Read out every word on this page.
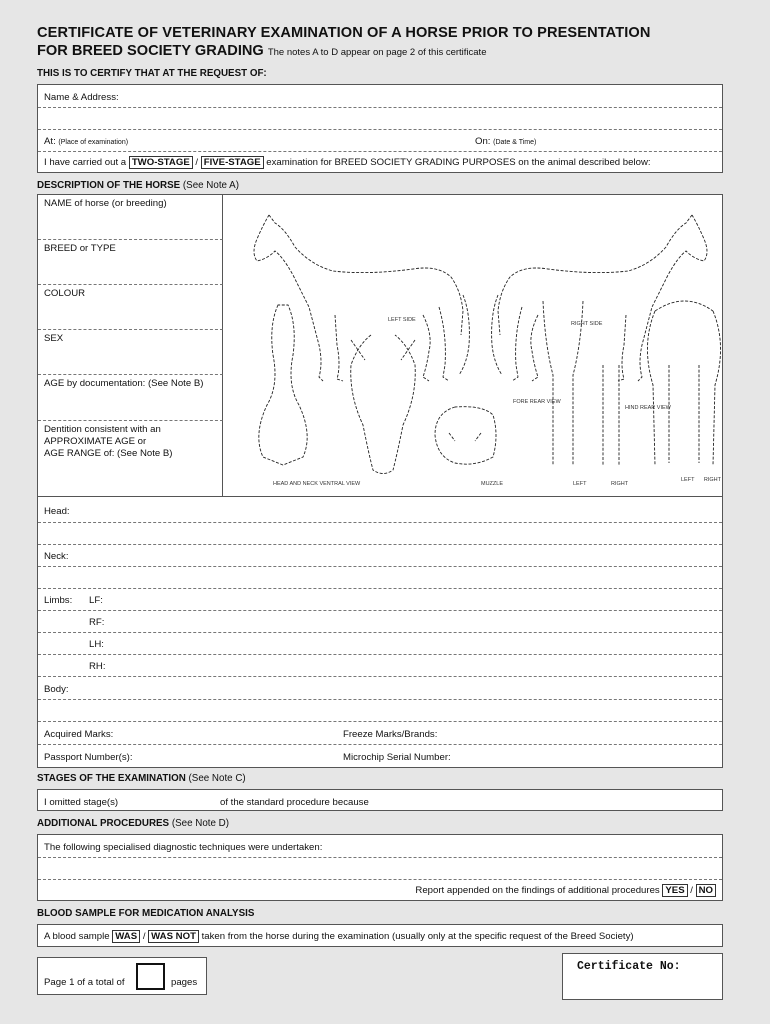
CERTIFICATE OF VETERINARY EXAMINATION OF A HORSE PRIOR TO PRESENTATION
FOR BREED SOCIETY GRADING The notes A to D appear on page 2 of this certificate
THIS IS TO CERTIFY THAT AT THE REQUEST OF:
Name & Address:
At: (Place of examination)	On: (Date & Time)
I have carried out a TWO-STAGE / FIVE-STAGE examination for BREED SOCIETY GRADING PURPOSES on the animal described below:
DESCRIPTION OF THE HORSE (See Note A)
NAME of horse (or breeding)
BREED or TYPE
COLOUR
SEX
AGE by documentation: (See Note B)
Dentition consistent with an
APPROXIMATE AGE or
AGE RANGE of: (See Note B)
LEFT SIDE
RIGHT SIDE
FORE REAR VIEW
HIND REAR VIEW
HEAD AND NECK VENTRAL VIEW	MUZZLE	LEFT	RIGHT
LEFT RIGHT
Head:
Neck:
Limbs: LF:
RF:
LH:
RH:
Body:
Acquired Marks:	Freeze Marks/Brands:
Passport Number(s):	Microchip Serial Number:
STAGES OF THE EXAMINATION (See Note C)
I omitted stage(s)	of the standard procedure because
ADDITIONAL PROCEDURES (See Note D)
The following specialised diagnostic techniques were undertaken:
Report appended on the findings of additional procedures YES / NO
BLOOD SAMPLE FOR MEDICATION ANALYSIS
A blood sample WAS / WAS NOT taken from the horse during the examination (usually only at the specific request of the Breed Society)
Page 1 of a total of	pages
Certificate No:
